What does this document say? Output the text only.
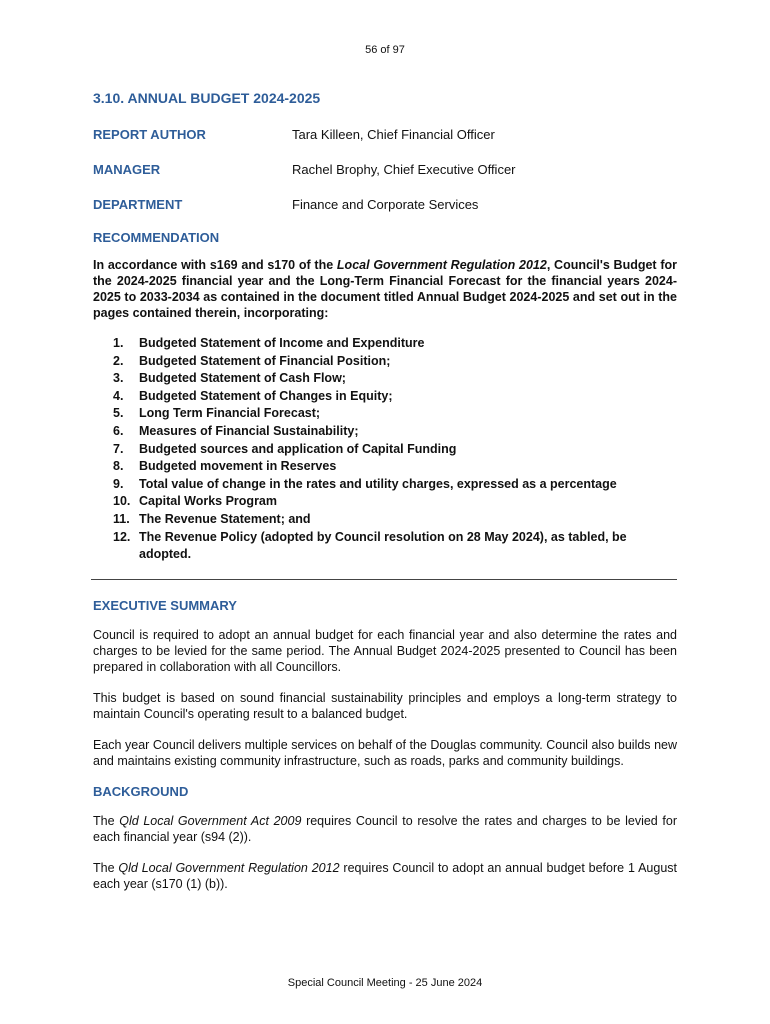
56 of 97
3.10. ANNUAL BUDGET 2024-2025
REPORT AUTHOR	Tara Killeen, Chief Financial Officer
MANAGER	Rachel Brophy, Chief Executive Officer
DEPARTMENT	Finance and Corporate Services
RECOMMENDATION

In accordance with s169 and s170 of the Local Government Regulation 2012, Council's Budget for the 2024-2025 financial year and the Long-Term Financial Forecast for the financial years 2024-2025 to 2033-2034 as contained in the document titled Annual Budget 2024-2025 and set out in the pages contained therein, incorporating:

1.	Budgeted Statement of Income and Expenditure
2.	Budgeted Statement of Financial Position;
3.	Budgeted Statement of Cash Flow;
4.	Budgeted Statement of Changes in Equity;
5.	Long Term Financial Forecast;
6.	Measures of Financial Sustainability;
7.	Budgeted sources and application of Capital Funding
8.	Budgeted movement in Reserves
9.	Total value of change in the rates and utility charges, expressed as a percentage
10. Capital Works Program
11. The Revenue Statement; and
12. The Revenue Policy (adopted by Council resolution on 28 May 2024), as tabled, be adopted.
EXECUTIVE SUMMARY

Council is required to adopt an annual budget for each financial year and also determine the rates and charges to be levied for the same period. The Annual Budget 2024-2025 presented to Council has been prepared in collaboration with all Councillors.

This budget is based on sound financial sustainability principles and employs a long-term strategy to maintain Council's operating result to a balanced budget.

Each year Council delivers multiple services on behalf of the Douglas community. Council also builds new and maintains existing community infrastructure, such as roads, parks and community buildings.

BACKGROUND

The Qld Local Government Act 2009 requires Council to resolve the rates and charges to be levied for each financial year (s94 (2)).

The Qld Local Government Regulation 2012 requires Council to adopt an annual budget before 1 August each year (s170 (1) (b)).

Special Council Meeting - 25 June 2024
